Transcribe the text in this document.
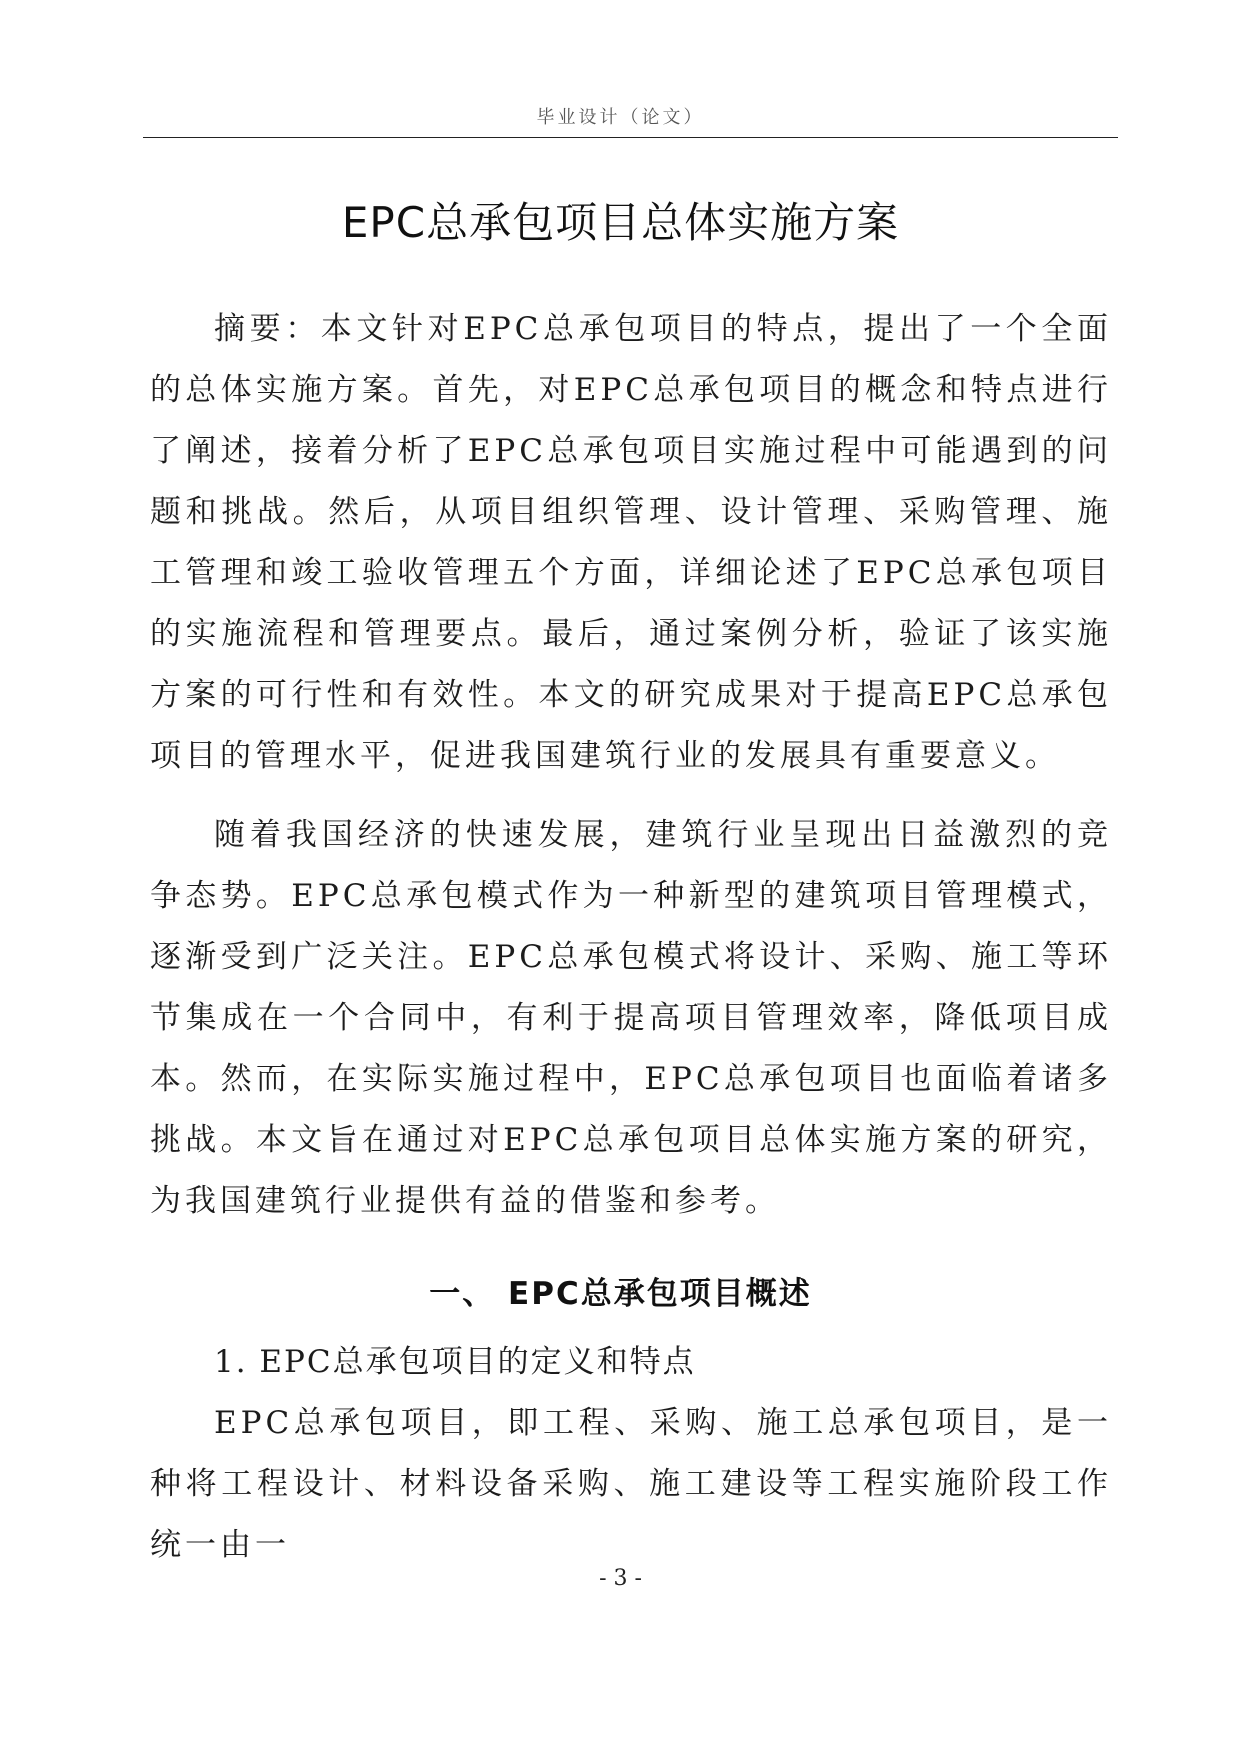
毕业设计（论文）
EPC总承包项目总体实施方案
摘要：本文针对EPC总承包项目的特点，提出了一个全面的总体实施方案。首先，对EPC总承包项目的概念和特点进行了阐述，接着分析了EPC总承包项目实施过程中可能遇到的问题和挑战。然后，从项目组织管理、设计管理、采购管理、施工管理和竣工验收管理五个方面，详细论述了EPC总承包项目的实施流程和管理要点。最后，通过案例分析，验证了该实施方案的可行性和有效性。本文的研究成果对于提高EPC总承包项目的管理水平，促进我国建筑行业的发展具有重要意义。
随着我国经济的快速发展，建筑行业呈现出日益激烈的竞争态势。EPC总承包模式作为一种新型的建筑项目管理模式，逐渐受到广泛关注。EPC总承包模式将设计、采购、施工等环节集成在一个合同中，有利于提高项目管理效率，降低项目成本。然而，在实际实施过程中，EPC总承包项目也面临着诸多挑战。本文旨在通过对EPC总承包项目总体实施方案的研究，为我国建筑行业提供有益的借鉴和参考。
一、 EPC总承包项目概述
1. EPC总承包项目的定义和特点
EPC总承包项目，即工程、采购、施工总承包项目，是一种将工程设计、材料设备采购、施工建设等工程实施阶段工作统一由一
- 3 -
